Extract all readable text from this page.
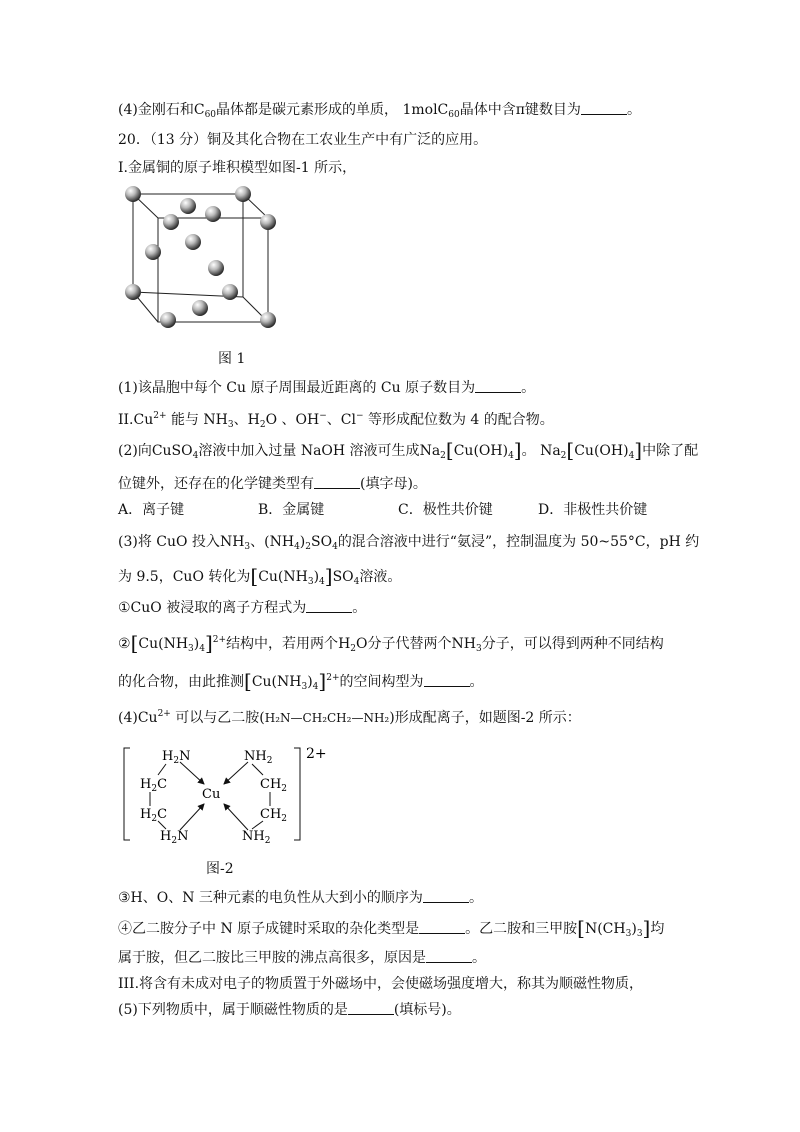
(4)金刚石和$C_{60}$晶体都是碳元素形成的单质， 1molC$_{60}$晶体中含π键数目为	。
20．（13 分）铜及其化合物在工农业生产中有广泛的应用。
I.金属铜的原子堆积模型如图-1 所示，
图 1
(1)该晶胞中每个 Cu 原子周围最近距离的 Cu 原子数目为	。
$II.Cu^{2+}$ 能与 $NH_3$、$H_2O$ 、OH−、Cl− 等形成配位数为 4 的配合物。
(2)向CuSO$_4$溶液中加入过量 NaOH 溶液可生成$Na_2[Cu(OH)_4]$。 $Na_2[Cu(OH)_4]$中除了配
位键外，还存在的化学键类型有	(填字母)。
A．离子键	B．金属键	C．极性共价键	D．非极性共价键
(3)将 CuO 投入$NH_3$、$(NH_4)_2SO_4$的混合溶液中进行“氨浸”，控制温度为 50~55°C，pH 约
为 9.5，CuO 转化为$[Cu(NH_3)_4]SO_4$溶液。
①CuO 被浸取的离子方程式为	。
$②[Cu(NH_3)_4]^{2+}$结构中，若用两个$H_2O$分子代替两个$NH_3$分子，可以得到两种不同结构
的化合物，由此推测$[Cu(NH_3)_4]^{2+}$的空间构型为	。
$(4)Cu^{2+}$ 可以与乙二胺(H₂N—CH₂CH₂—NH₂)形成配离子，如题图-2 所示：
2+
$H_2N$
$H_2C$
$H_2C$
$H_2N$
Cu
$NH_2$
$CH_2$
$CH_2$
$NH_2$
图-2
③H、O、N 三种元素的电负性从大到小的顺序为	。
④乙二胺分子中 N 原子成键时采取的杂化类型是	。乙二胺和三甲胺$[N(CH_3)_3]$均
属于胺，但乙二胺比三甲胺的沸点高很多，原因是	。
III.将含有未成对电子的物质置于外磁场中，会使磁场强度增大，称其为顺磁性物质，
(5)下列物质中，属于顺磁性物质的是	(填标号)。
